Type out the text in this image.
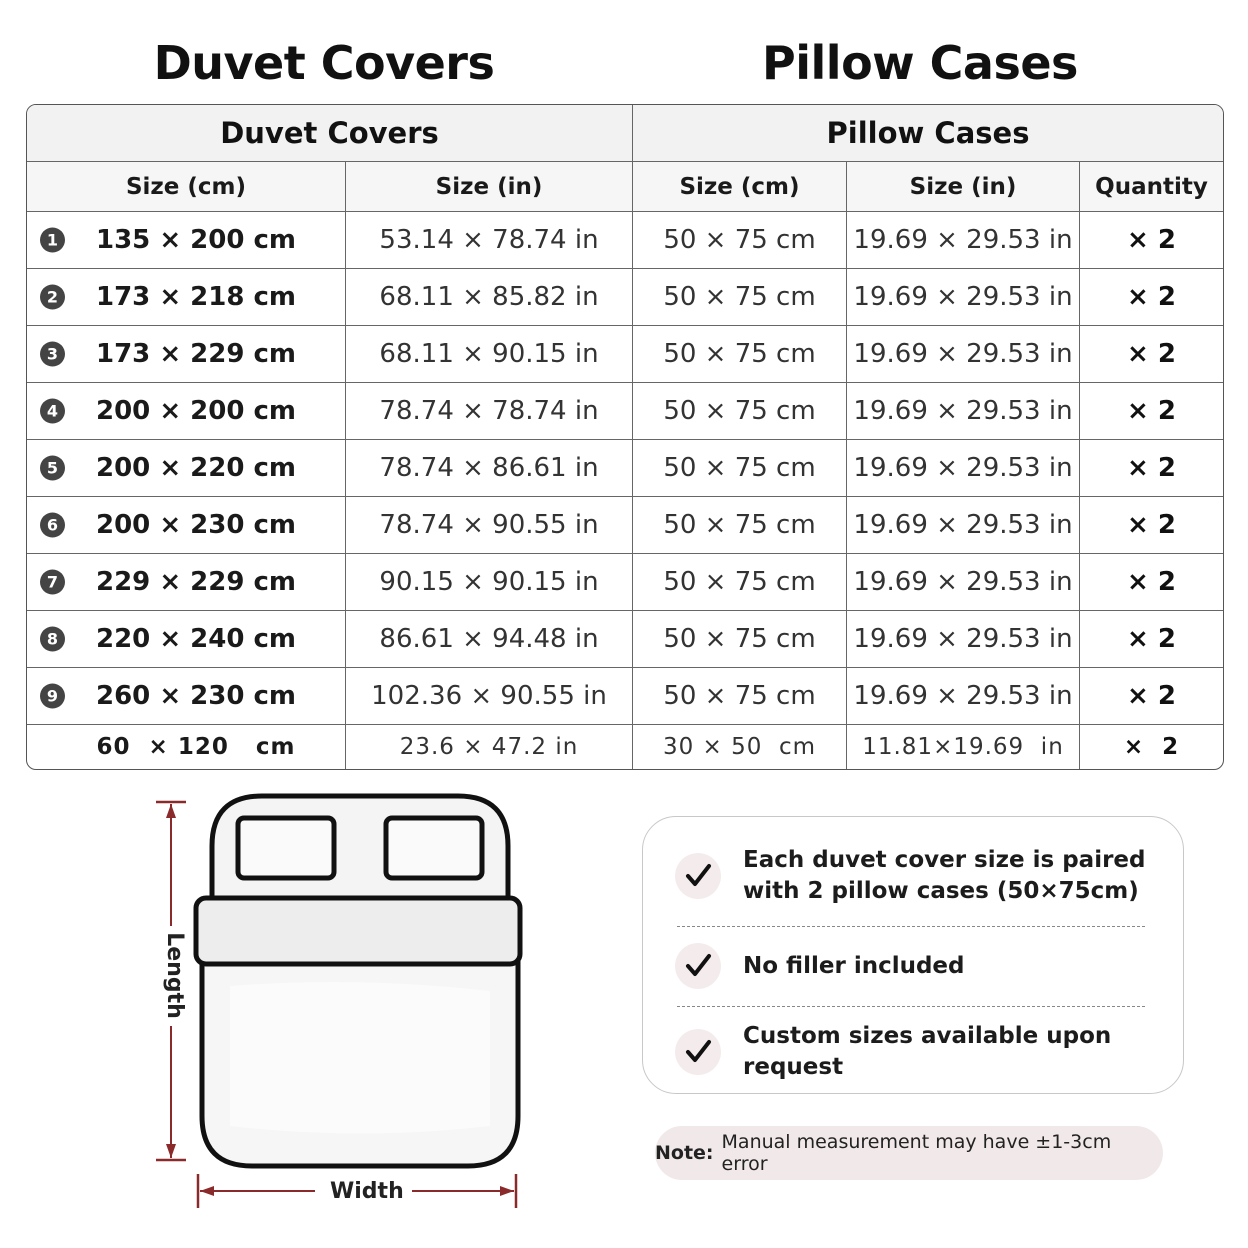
Duvet Covers	Pillow Cases
Duvet Covers		Pillow Cases		
Size (cm)	Size (in)	Size (cm)	Size (in)	Quantity

1 135 × 200 cm	53.14 × 78.74 in	50 × 75 cm	19.69 × 29.53 in	× 2

2 173 × 218 cm	68.11 × 85.82 in	50 × 75 cm	19.69 × 29.53 in	× 2

3 173 × 229 cm	68.11 × 90.15 in	50 × 75 cm	19.69 × 29.53 in	× 2

4 200 × 200 cm	78.74 × 78.74 in	50 × 75 cm	19.69 × 29.53 in	× 2

5 200 × 220 cm	78.74 × 86.61 in	50 × 75 cm	19.69 × 29.53 in	× 2

6 200 × 230 cm	78.74 × 90.55 in	50 × 75 cm	19.69 × 29.53 in	× 2

7 229 × 229 cm	90.15 × 90.15 in	50 × 75 cm	19.69 × 29.53 in	× 2

8 220 × 240 cm	86.61 × 94.48 in	50 × 75 cm	19.69 × 29.53 in	× 2

9 260 × 230 cm	102.36 × 90.55 in	50 × 75 cm	19.69 × 29.53 in	× 2
60  × 120   cm	23.6 × 47.2 in	30 × 50  cm	11.81×19.69  in	×  2
Length
Width
Each duvet cover size is paired with 2 pillow cases (50×75cm)
No filler included
Custom sizes available upon request
Note: Manual measurement may have ±1-3cm error
